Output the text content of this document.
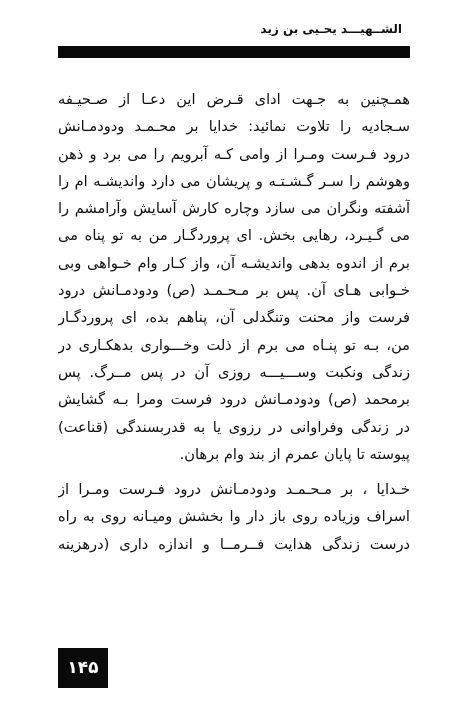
الشــهيـــد يحـيى بن زيد

همـچنین به جـهت ادای قـرض این دعـا از صـحیـفه
سـجادیه را تلاوت نمائید: خدایا بر محـمـد ودودمـانش
درود فـرست ومـرا از وامی کـه آبرویم را می برد و ذهن
وهوشم را سـر گـشـتـه و پریشان می دارد واندیشـه ام را
آشفته ونگران می سازد وچاره کارش آسایش وآرامشم را
می گـیـرد، رهایی بخش. ای پروردگـار من به تو پناه می
برم از اندوه بدهی واندیشـه آن، واز کـار وام خـواهی وبی
خـوابی هـای آن. پس بر مـحـمـد (ص) ودودمـانش درود
فرست واز محنت وتنگدلی آن، پناهم بده، ای پروردگـار
من، بـه تو پنـاه می برم از ذلت وخـــواری بدهکـاری در
زندگی ونکبت وســـیـــه روزی آن در پس مــرگ. پس
برمحمد (ص) ودودمـانش درود فرست ومرا بـه گشایش
در زندگی وفراوانی در رزوی یا به قدربسندگی (قناعت)
پیوسته تا پایان عمرم از بند وام برهان.

خـدایا ، بر مـحـمـد ودودمـانش درود فـرست ومـرا از
اسراف وزیاده روی باز دار وا بخشش ومیـانه روی به راه
درست زندگی هدایت فــرمــا و اندازه داری (درهزینه

۱۴۵
